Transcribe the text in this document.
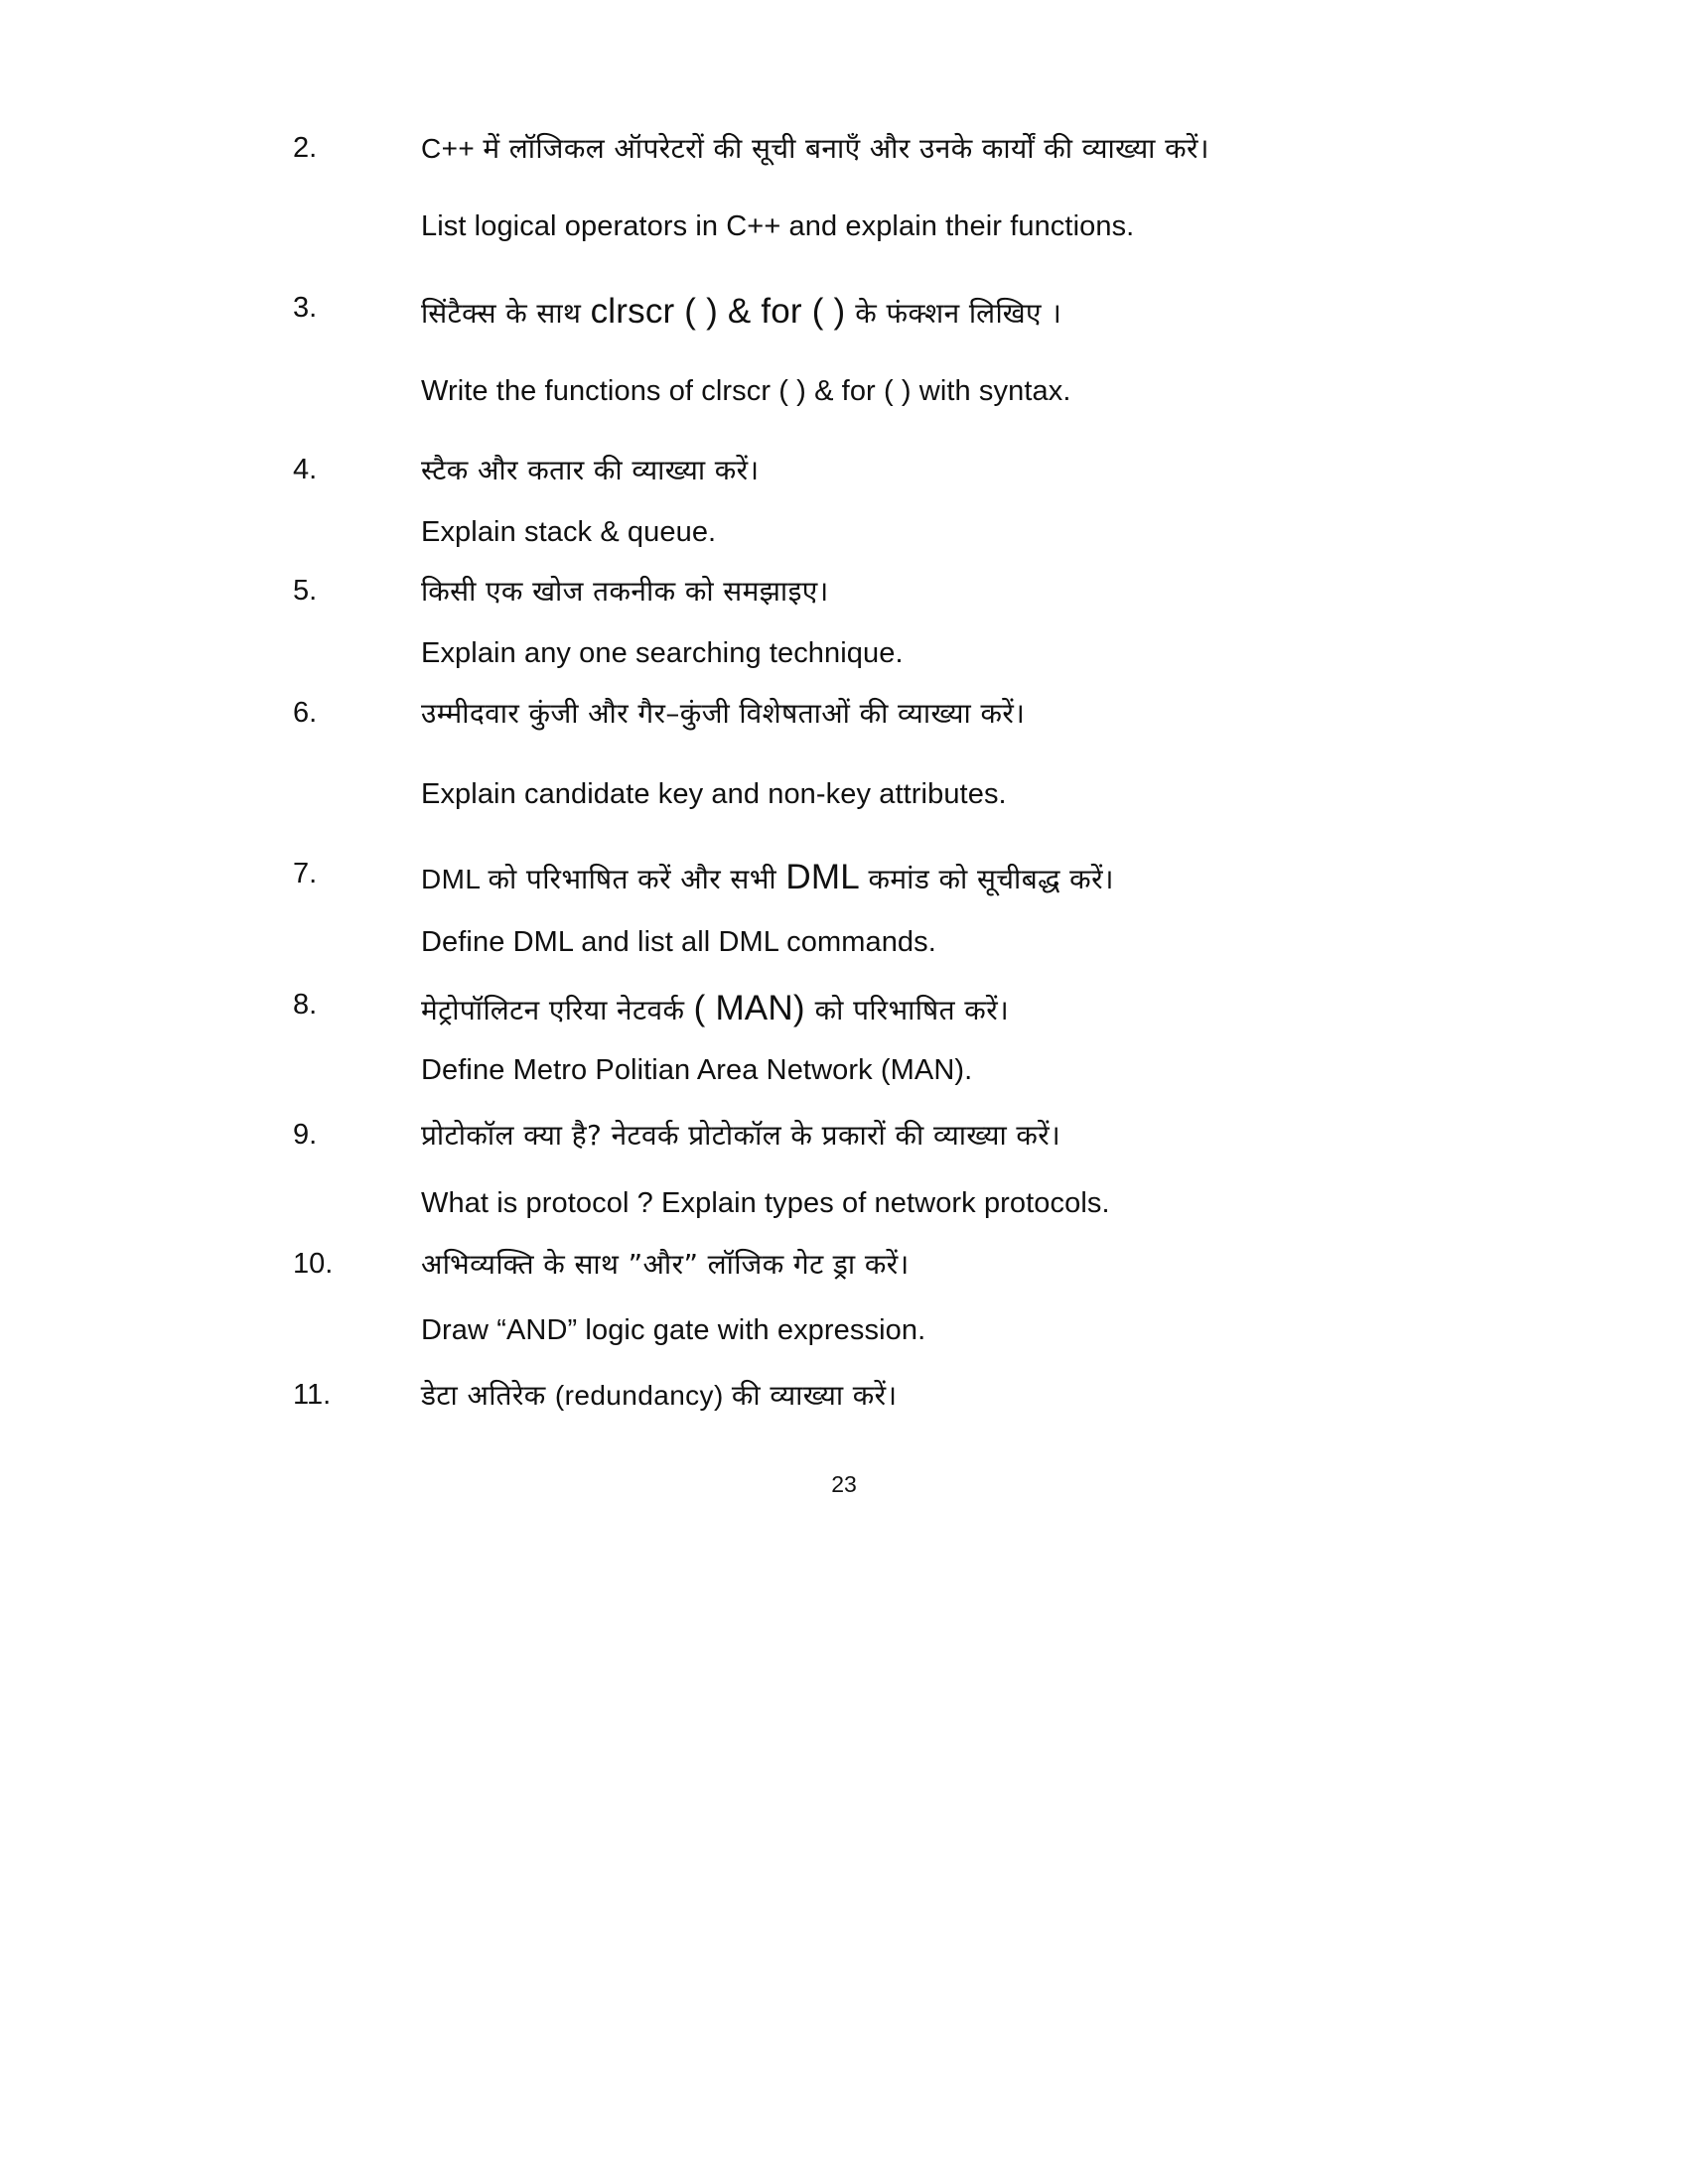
2.	C++ में लॉजिकल ऑपरेटरों की सूची बनाएँ और उनके कार्यों की व्याख्या करें।
List logical operators in C++ and explain their functions.
3.	सिंटैक्स के साथ clrscr ( ) & for ( ) के फंक्शन लिखिए ।
Write the functions of clrscr ( ) & for ( ) with syntax.
4.	स्टैक और कतार की व्याख्या करें।
Explain stack & queue.
5.	किसी एक खोज तकनीक को समझाइए।
Explain any one searching technique.
6.	उम्मीदवार कुंजी और गैर–कुंजी विशेषताओं की व्याख्या करें।
Explain candidate key and non-key attributes.
7.	DML को परिभाषित करें और सभी DML कमांड को सूचीबद्ध करें।
Define DML and list all DML commands.
8.	मेट्रोपॉलिटन एरिया नेटवर्क ( MAN) को परिभाषित करें।
Define Metro Politian Area Network (MAN).
9.	प्रोटोकॉल क्या है? नेटवर्क प्रोटोकॉल के प्रकारों की व्याख्या करें।
What is protocol ? Explain types of network protocols.
10.	अभिव्यक्ति के साथ ”और” लॉजिक गेट ड्रा करें।
Draw “AND” logic gate with expression.
11.	डेटा अतिरेक (redundancy) की व्याख्या करें।
23
